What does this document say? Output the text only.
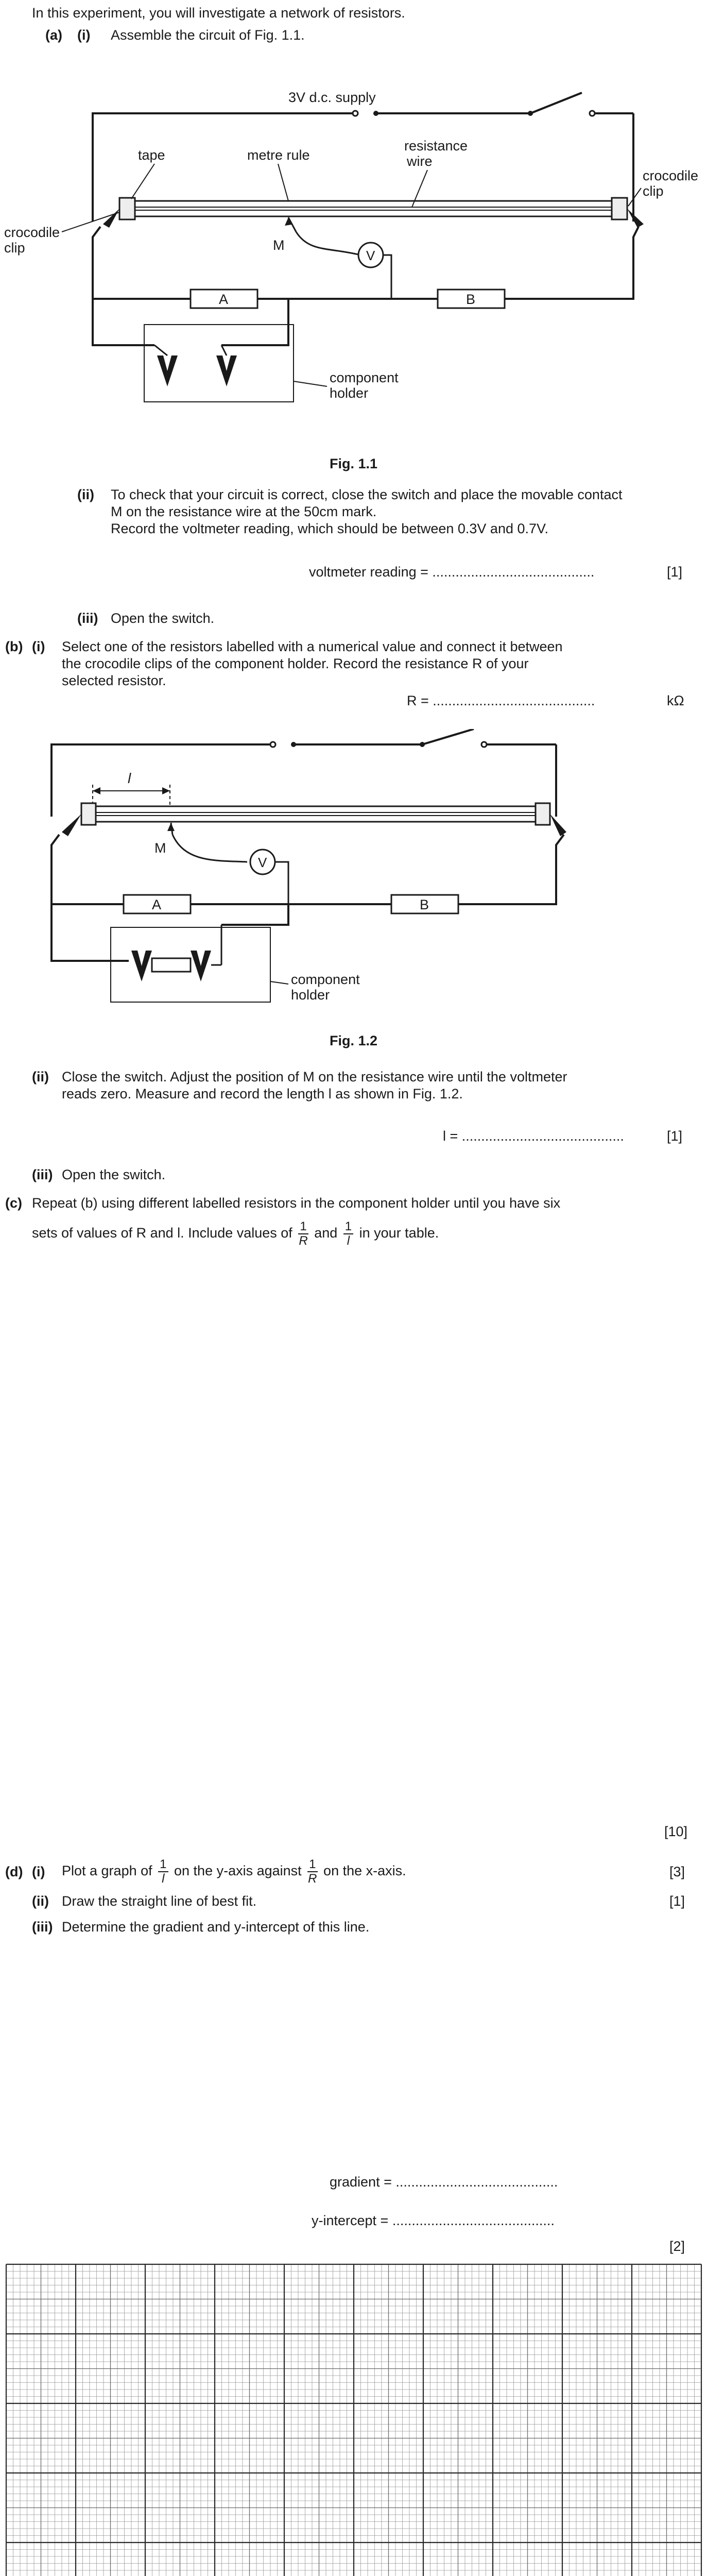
In this experiment, you will investigate a network of resistors.
(a) (i) Assemble the circuit of Fig. 1.1.
3V d.c. supply
tape	metre rule
resistance
wire
crocodile
clip
crocodile
clip
A	B
M
V
component
holder
Fig. 1.1
(ii) To check that your circuit is correct, close the switch and place the movable contact
M on the resistance wire at the 50cm mark.
Record the voltmeter reading, which should be between 0.3V and 0.7V.
voltmeter reading = ..........................................	[1]
(iii) Open the switch.
(b) (i) Select one of the resistors labelled with a numerical value and connect it between
the crocodile clips of the component holder. Record the resistance R of your
selected resistor.
R = ..........................................	kΩ
l
M
V
A	B
component
holder
Fig. 1.2
(ii) Close the switch. Adjust the position of M on the resistance wire until the voltmeter
reads zero. Measure and record the length l as shown in Fig. 1.2.
l = ..........................................	[1]
(iii) Open the switch.
(c) Repeat (b) using different labelled resistors in the component holder until you have six
sets of values of R and l. Include values of $\frac{1}{R}$ and $\frac{1}{l}$ in your table.
[10]
(d) (i) Plot a graph of $\frac{1}{l}$ on the y-axis against $\frac{1}{R}$ on the x-axis.	[3]
(ii) Draw the straight line of best fit.	[1]
(iii) Determine the gradient and y-intercept of this line.
gradient = ..........................................
y-intercept = ..........................................
[2]
